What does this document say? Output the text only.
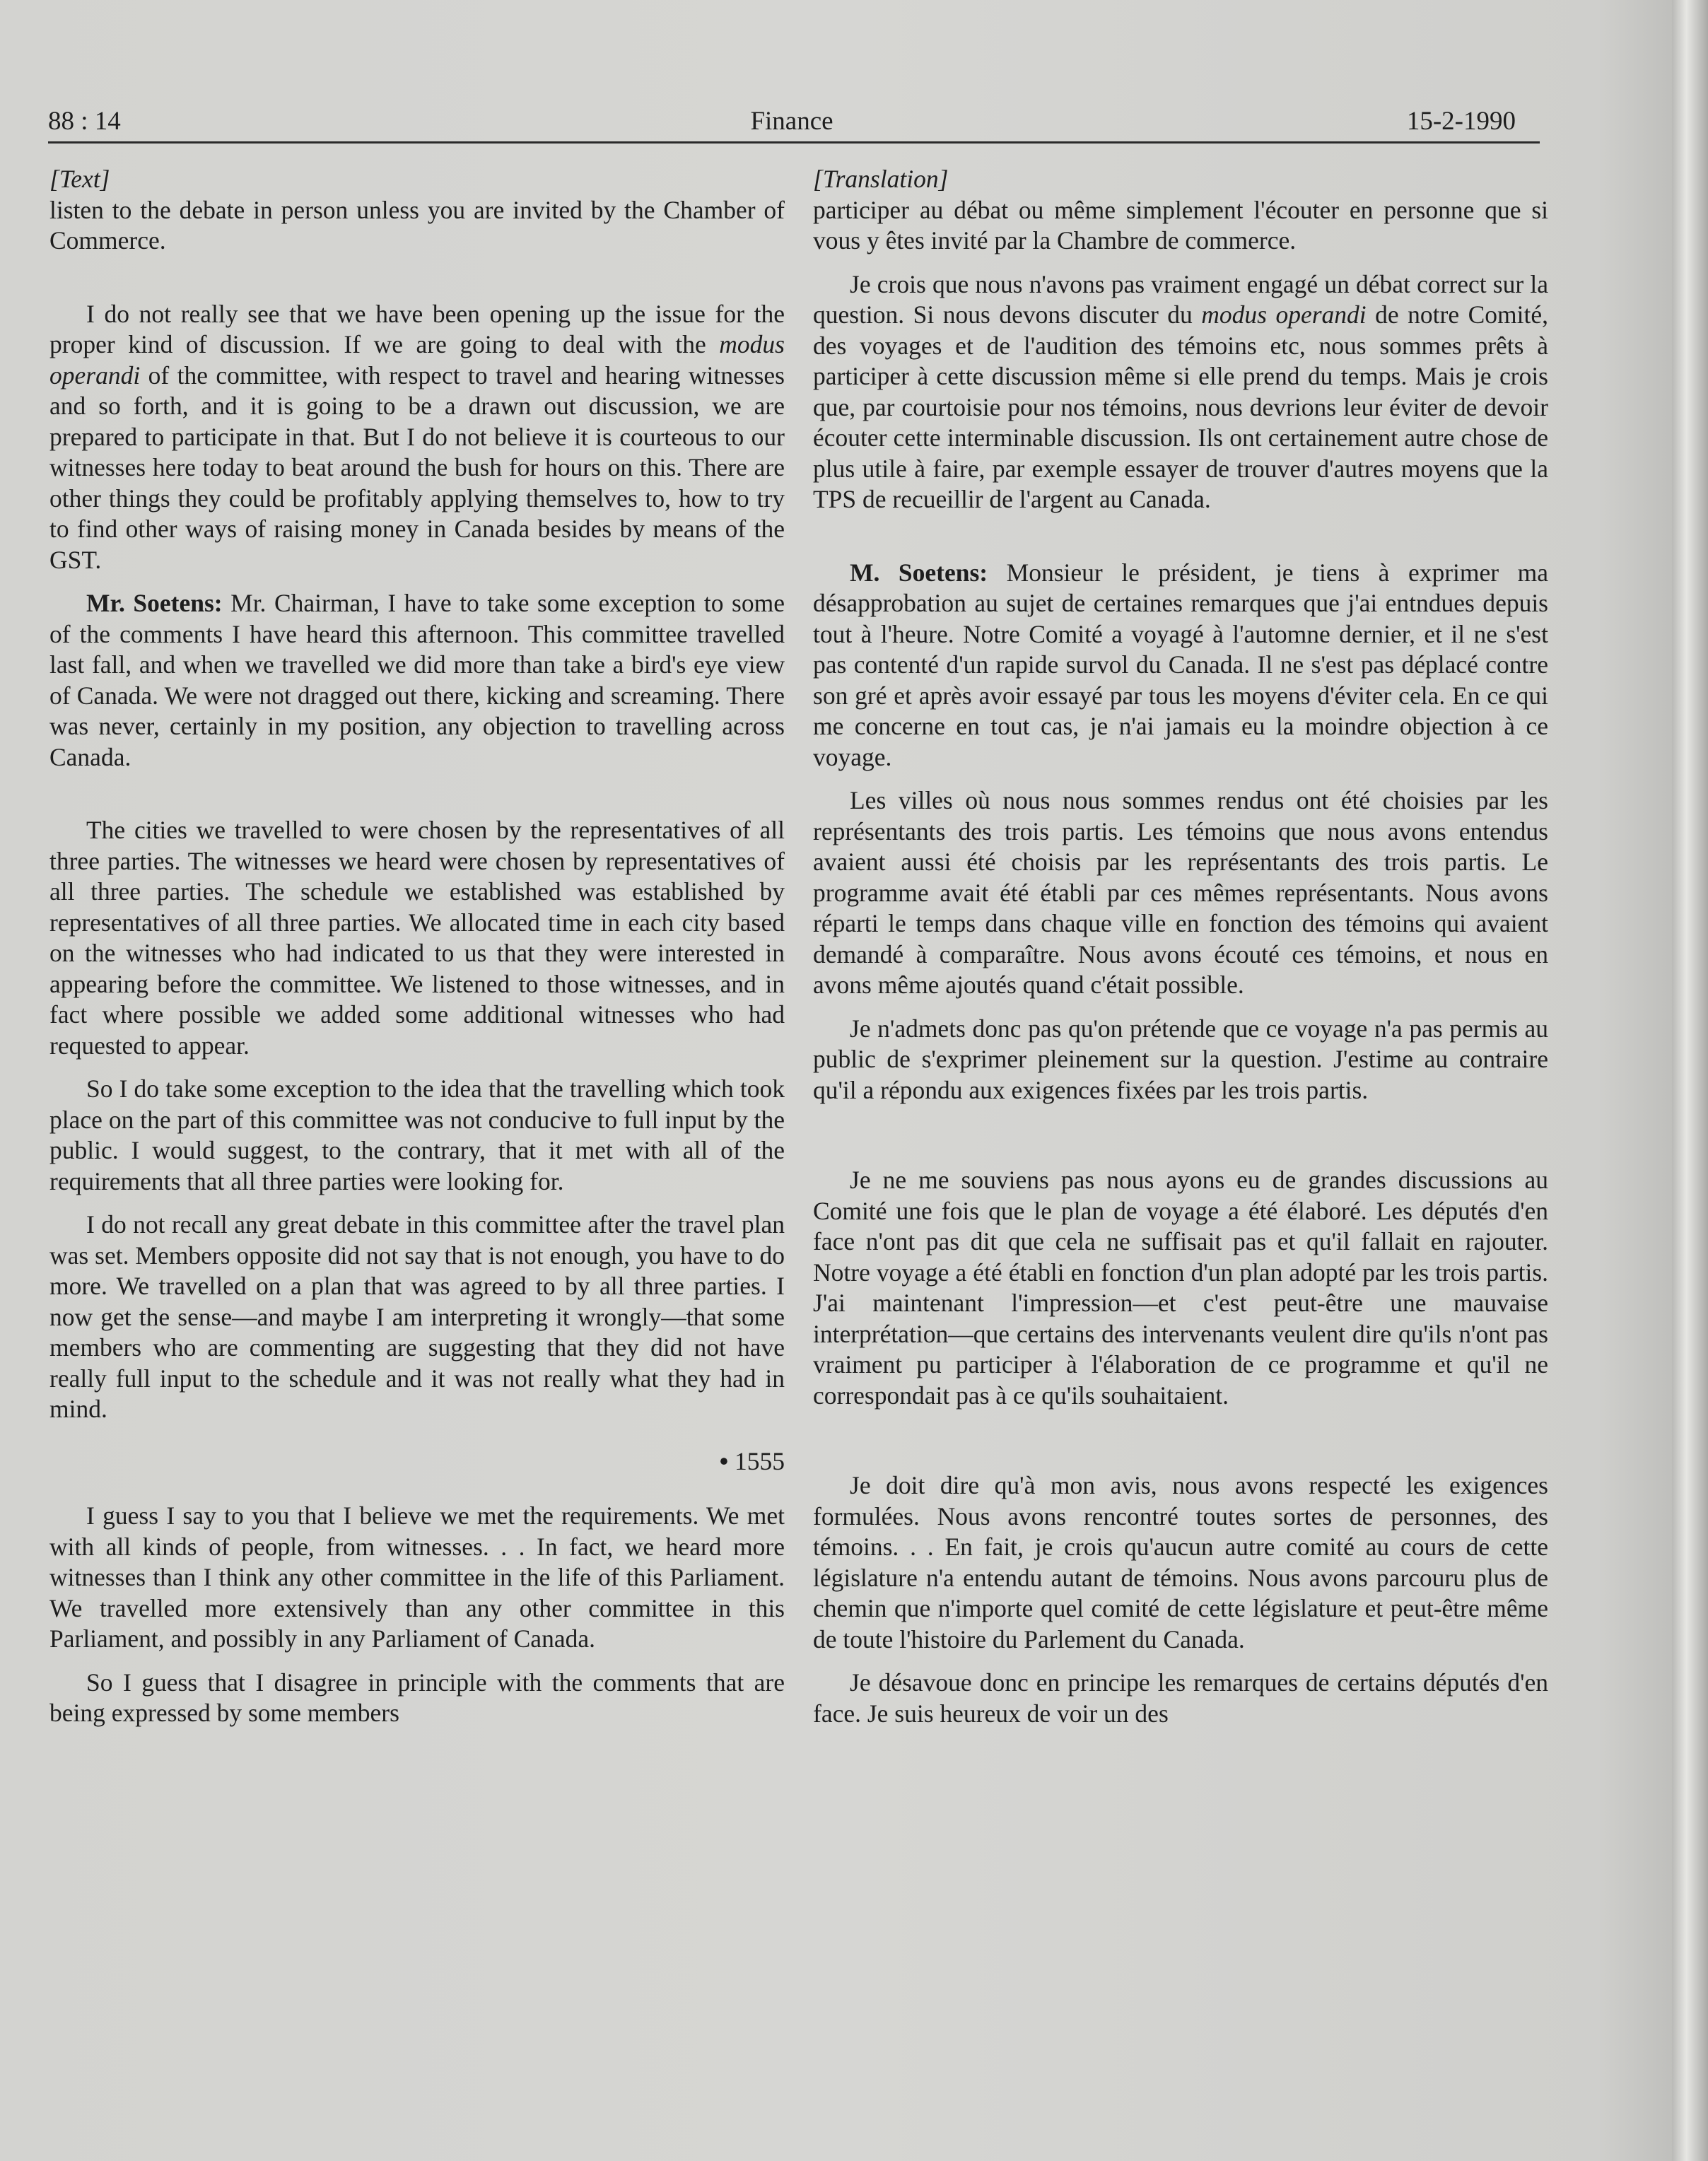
88 : 14	Finance	15-2-1990
[Text]

listen to the debate in person unless you are invited by the Chamber of Commerce.

I do not really see that we have been opening up the issue for the proper kind of discussion. If we are going to deal with the modus operandi of the committee, with respect to travel and hearing witnesses and so forth, and it is going to be a drawn out discussion, we are prepared to participate in that. But I do not believe it is courteous to our witnesses here today to beat around the bush for hours on this. There are other things they could be profitably applying themselves to, how to try to find other ways of raising money in Canada besides by means of the GST.

Mr. Soetens: Mr. Chairman, I have to take some exception to some of the comments I have heard this afternoon. This committee travelled last fall, and when we travelled we did more than take a bird's eye view of Canada. We were not dragged out there, kicking and screaming. There was never, certainly in my position, any objection to travelling across Canada.

The cities we travelled to were chosen by the representatives of all three parties. The witnesses we heard were chosen by representatives of all three parties. The schedule we established was established by representatives of all three parties. We allocated time in each city based on the witnesses who had indicated to us that they were interested in appearing before the committee. We listened to those witnesses, and in fact where possible we added some additional witnesses who had requested to appear.

So I do take some exception to the idea that the travelling which took place on the part of this committee was not conducive to full input by the public. I would suggest, to the contrary, that it met with all of the requirements that all three parties were looking for.

I do not recall any great debate in this committee after the travel plan was set. Members opposite did not say that is not enough, you have to do more. We travelled on a plan that was agreed to by all three parties. I now get the sense—and maybe I am interpreting it wrongly—that some members who are commenting are suggesting that they did not have really full input to the schedule and it was not really what they had in mind.

• 1555

I guess I say to you that I believe we met the requirements. We met with all kinds of people, from witnesses. . . In fact, we heard more witnesses than I think any other committee in the life of this Parliament. We travelled more extensively than any other committee in this Parliament, and possibly in any Parliament of Canada.

So I guess that I disagree in principle with the comments that are being expressed by some members

[Translation]

participer au débat ou même simplement l'écouter en personne que si vous y êtes invité par la Chambre de commerce.

Je crois que nous n'avons pas vraiment engagé un débat correct sur la question. Si nous devons discuter du modus operandi de notre Comité, des voyages et de l'audition des témoins etc, nous sommes prêts à participer à cette discussion même si elle prend du temps. Mais je crois que, par courtoisie pour nos témoins, nous devrions leur éviter de devoir écouter cette interminable discussion. Ils ont certainement autre chose de plus utile à faire, par exemple essayer de trouver d'autres moyens que la TPS de recueillir de l'argent au Canada.

M. Soetens: Monsieur le président, je tiens à exprimer ma désapprobation au sujet de certaines remarques que j'ai entndues depuis tout à l'heure. Notre Comité a voyagé à l'automne dernier, et il ne s'est pas contenté d'un rapide survol du Canada. Il ne s'est pas déplacé contre son gré et après avoir essayé par tous les moyens d'éviter cela. En ce qui me concerne en tout cas, je n'ai jamais eu la moindre objection à ce voyage.

Les villes où nous nous sommes rendus ont été choisies par les représentants des trois partis. Les témoins que nous avons entendus avaient aussi été choisis par les représentants des trois partis. Le programme avait été établi par ces mêmes représentants. Nous avons réparti le temps dans chaque ville en fonction des témoins qui avaient demandé à comparaître. Nous avons écouté ces témoins, et nous en avons même ajoutés quand c'était possible.

Je n'admets donc pas qu'on prétende que ce voyage n'a pas permis au public de s'exprimer pleinement sur la question. J'estime au contraire qu'il a répondu aux exigences fixées par les trois partis.

Je ne me souviens pas nous ayons eu de grandes discussions au Comité une fois que le plan de voyage a été élaboré. Les députés d'en face n'ont pas dit que cela ne suffisait pas et qu'il fallait en rajouter. Notre voyage a été établi en fonction d'un plan adopté par les trois partis. J'ai maintenant l'impression—et c'est peut-être une mauvaise interprétation—que certains des intervenants veulent dire qu'ils n'ont pas vraiment pu participer à l'élaboration de ce programme et qu'il ne correspondait pas à ce qu'ils souhaitaient.

Je doit dire qu'à mon avis, nous avons respecté les exigences formulées. Nous avons rencontré toutes sortes de personnes, des témoins. . . En fait, je crois qu'aucun autre comité au cours de cette législature n'a entendu autant de témoins. Nous avons parcouru plus de chemin que n'importe quel comité de cette législature et peut-être même de toute l'histoire du Parlement du Canada.

Je désavoue donc en principe les remarques de certains députés d'en face. Je suis heureux de voir un des
